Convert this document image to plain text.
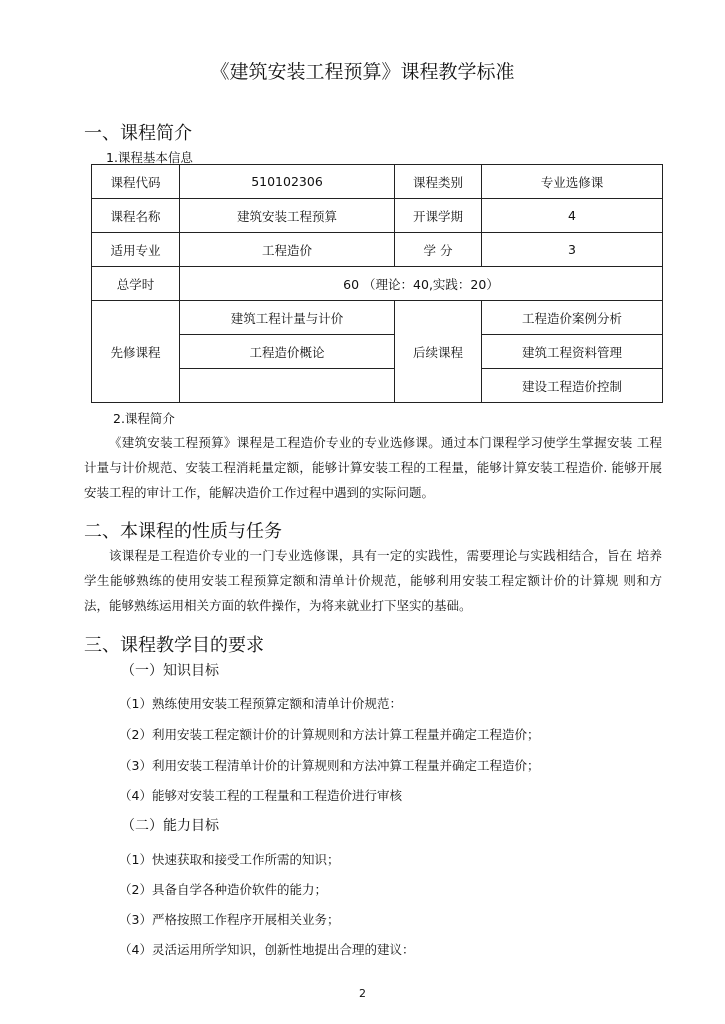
《建筑安装工程预算》课程教学标准
一、课程简介
1.课程基本信息
课程代码	510102306	课程类别	专业选修课
课程名称	建筑安装工程预算	开课学期	4
适用专业	工程造价	学 分	3
总学时	60 （理论：40,实践：20）		
先修课程	建筑工程计量与计价	后续课程	工程造价案例分析
	工程造价概论		建筑工程资料管理
			建设工程造价控制
2.课程简介

《建筑安装工程预算》课程是工程造价专业的专业选修课。通过本门课程学习使学生掌握安装 工程计量与计价规范、安装工程消耗量定额，能够计算安装工程的工程量，能够计算安装工程造价. 能够开展安装工程的审计工作，能解决造价工作过程中遇到的实际问题。

二、本课程的性质与任务

该课程是工程造价专业的一门专业选修课，具有一定的实践性，需要理论与实践相结合，旨在 培养学生能够熟练的使用安装工程预算定额和清单计价规范，能够利用安装工程定额计价的计算规 则和方法，能够熟练运用相关方面的软件操作，为将来就业打下坚实的基础。

三、课程教学目的要求
（一）知识目标
（1）熟练使用安装工程预算定额和清单计价规范：
（2）利用安装工程定额计价的计算规则和方法计算工程量并确定工程造价；
（3）利用安装工程清单计价的计算规则和方法冲算工程量并确定工程造价；
（4）能够对安装工程的工程量和工程造价进行审核
（二）能力目标
（1）快速获取和接受工作所需的知识；
（2）具备自学各种造价软件的能力；
（3）严格按照工作程序开展相关业务；
（4）灵活运用所学知识，创新性地提出合理的建议：
2
